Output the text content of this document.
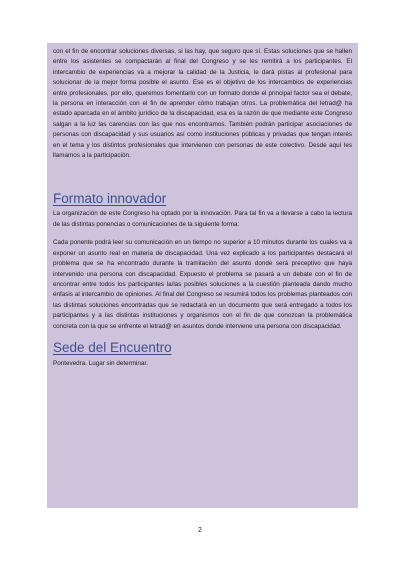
con el fin de encontrar soluciones diversas, si las hay, que seguro que sí. Estas soluciones que se hallen entre los asistentes se compactarán al final del Congreso y se les remitirá a los participantes. El intercambio de experiencias va a mejorar la calidad de la Justicia, le dará pistas al profesional para solucionar de la mejor forma posible el asunto. Ese es el objetivo de los intercambios de experiencias entre profesionales, por ello, queremos fomentarlo con un formato donde el principal factor sea el debate, la persona en interacción con el fin de aprender cómo trabajan otros. La problemática del letrad@ ha estado aparcada en el ámbito jurídico de la discapacidad, esa es la razón de que mediante este Congreso salgan a la luz las carencias con las que nos encontramos. También podrán participar asociaciones de personas con discapacidad y sus usuarios así como instituciones públicas y privadas que tengan interés en el tema y los distintos profesionales que intervienen con personas de este colectivo. Desde aquí les llamamos a la participación.

Formato innovador

La organización de este Congreso ha optado por la innovación. Para tal fin va a llevarse a cabo la lectura de las distintas ponencias o comunicaciones de la siguiente forma:

Cada ponente podrá leer su comunicación en un tiempo no superior a 10 minutos durante los cuales va a exponer un asunto real en materia de discapacidad. Una vez explicado a los participantes destacará el problema que se ha encontrado durante la tramitación del asunto donde será preceptivo que haya intervenido una persona con discapacidad. Expuesto el problema se pasará a un debate con el fin de encontrar entre todos los participantes la/las posibles soluciones a la cuestión planteada dando mucho énfasis al intercambio de opiniones. Al final del Congreso se resumirá todos los problemas planteados con las distintas soluciones encontradas que se redactará en un documento que será entregado a todos los participantes y a las distintas instituciones y organismos con el fin de que conozcan la problemática concreta con la que se enfrente el letrad@ en asuntos donde interviene una persona con discapacidad.

Sede del Encuentro

Pontevedra. Lugar sin determinar.

2
